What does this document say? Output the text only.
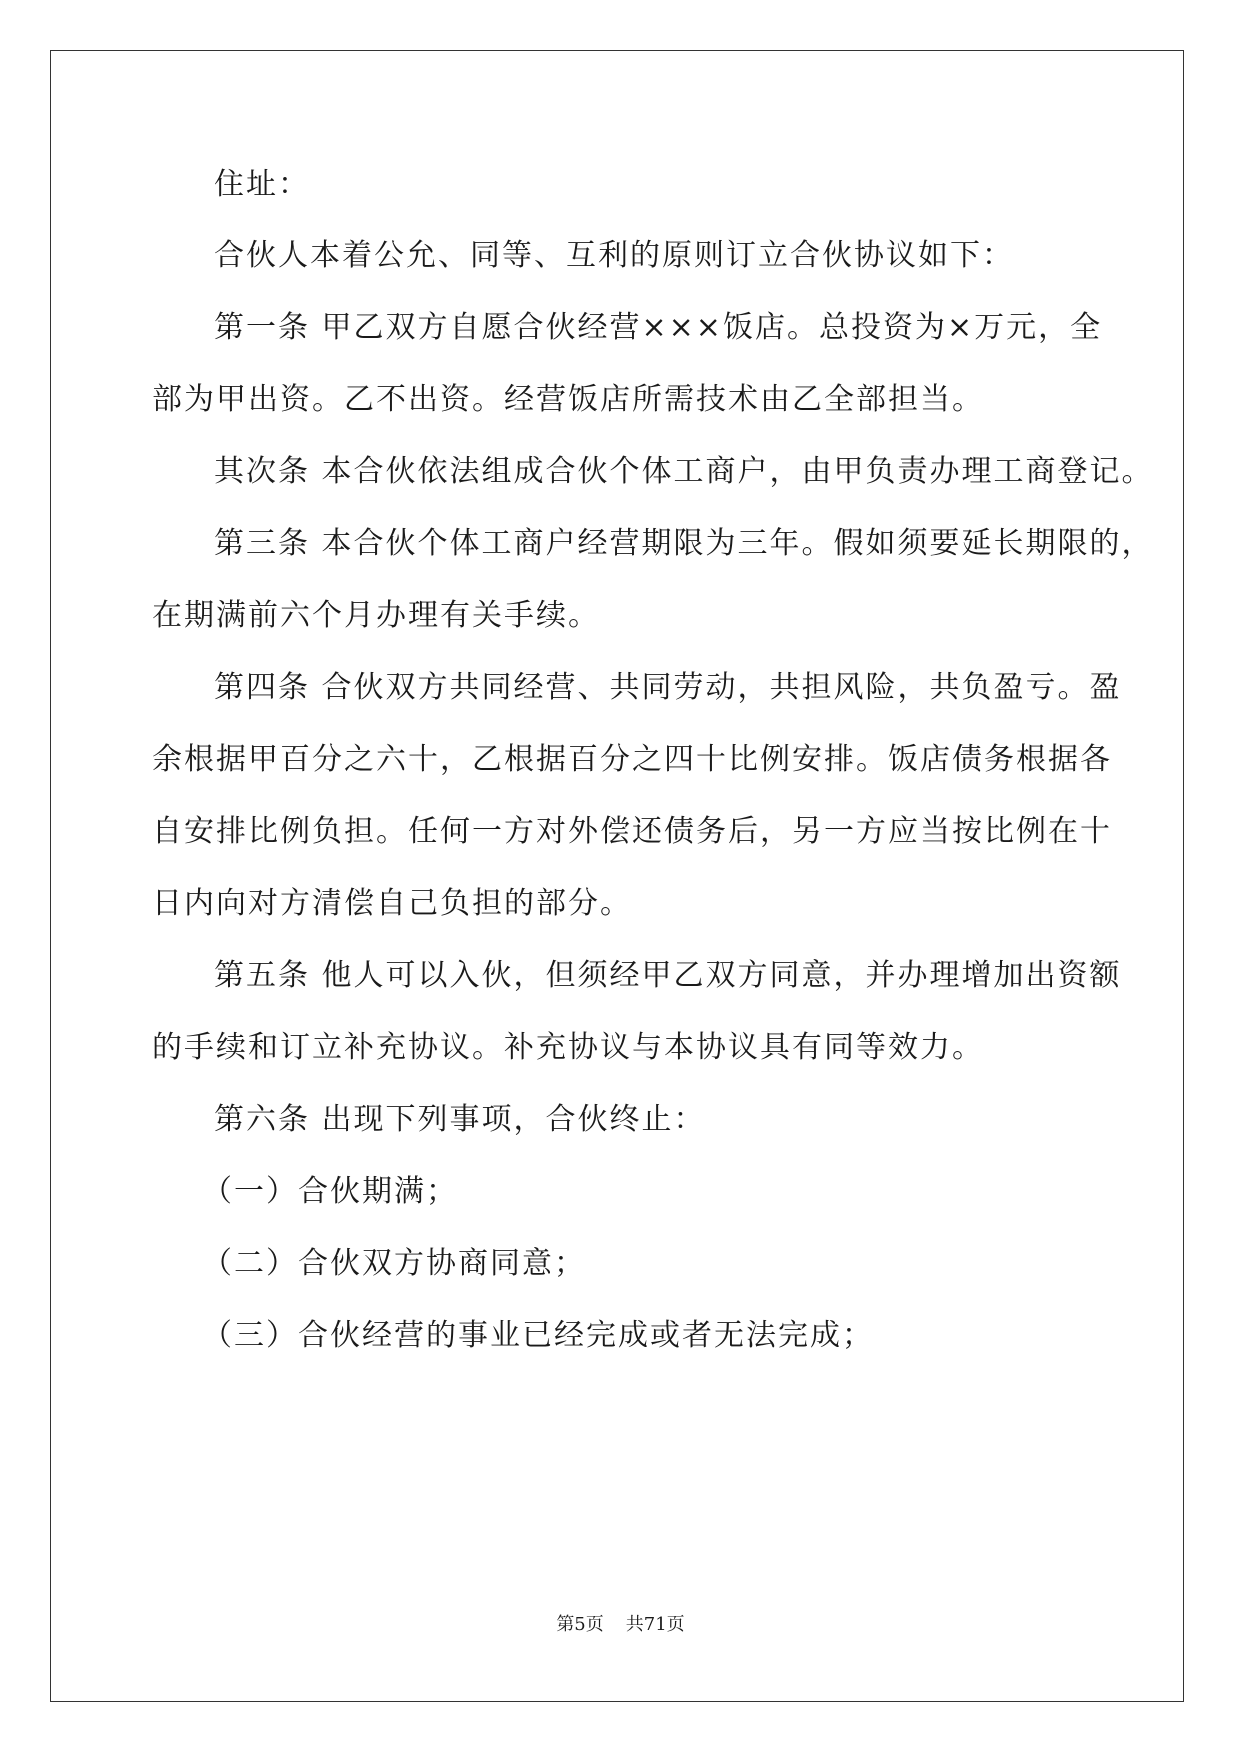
住址：
合伙人本着公允、同等、互利的原则订立合伙协议如下：
第一条 甲乙双方自愿合伙经营×××饭店。总投资为×万元，全
部为甲出资。乙不出资。经营饭店所需技术由乙全部担当。
其次条 本合伙依法组成合伙个体工商户，由甲负责办理工商登记。
第三条 本合伙个体工商户经营期限为三年。假如须要延长期限的，
在期满前六个月办理有关手续。
第四条 合伙双方共同经营、共同劳动，共担风险，共负盈亏。盈
余根据甲百分之六十，乙根据百分之四十比例安排。饭店债务根据各
自安排比例负担。任何一方对外偿还债务后，另一方应当按比例在十
日内向对方清偿自己负担的部分。
第五条 他人可以入伙，但须经甲乙双方同意，并办理增加出资额
的手续和订立补充协议。补充协议与本协议具有同等效力。
第六条 出现下列事项，合伙终止：
（一）合伙期满；
（二）合伙双方协商同意；
（三）合伙经营的事业已经完成或者无法完成；
第5页 共71页
